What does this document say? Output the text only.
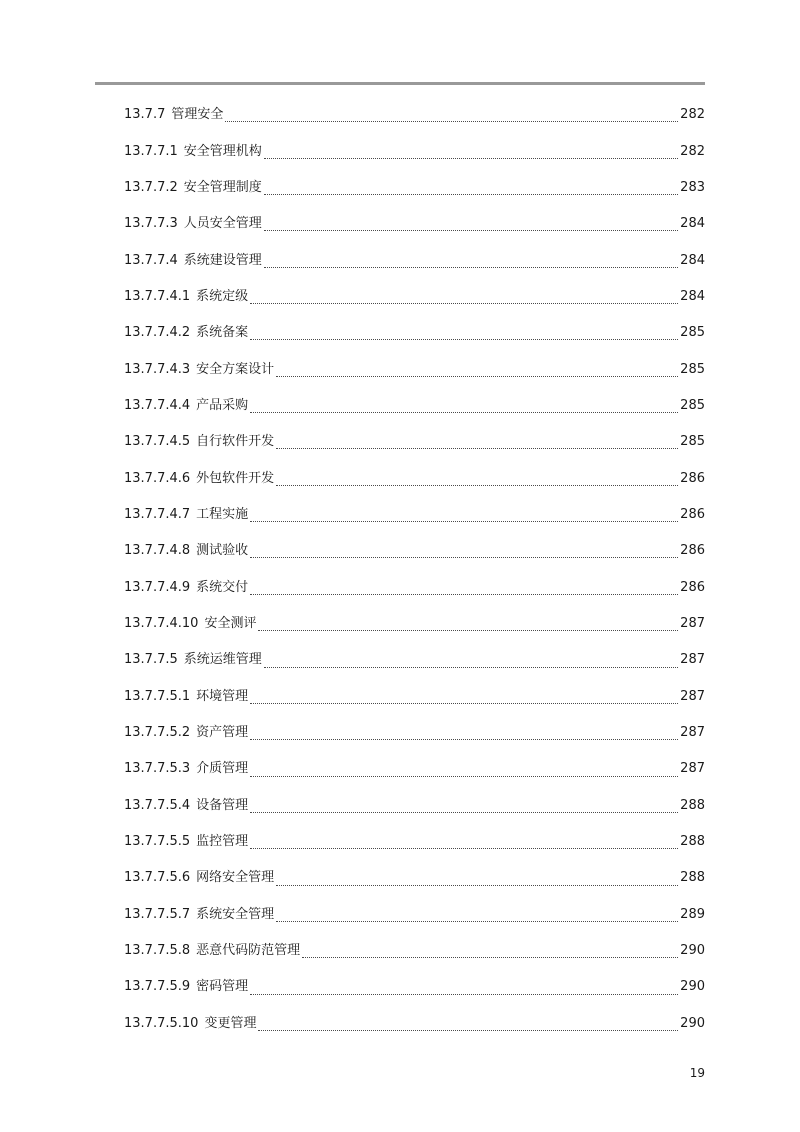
13.7.7 管理安全	282
13.7.7.1 安全管理机构	282
13.7.7.2 安全管理制度	283
13.7.7.3 人员安全管理	284
13.7.7.4 系统建设管理	284
13.7.7.4.1 系统定级	284
13.7.7.4.2 系统备案	285
13.7.7.4.3 安全方案设计	285
13.7.7.4.4 产品采购	285
13.7.7.4.5 自行软件开发	285
13.7.7.4.6 外包软件开发	286
13.7.7.4.7 工程实施	286
13.7.7.4.8 测试验收	286
13.7.7.4.9 系统交付	286
13.7.7.4.10 安全测评	287
13.7.7.5 系统运维管理	287
13.7.7.5.1 环境管理	287
13.7.7.5.2 资产管理	287
13.7.7.5.3 介质管理	287
13.7.7.5.4 设备管理	288
13.7.7.5.5 监控管理	288
13.7.7.5.6 网络安全管理	288
13.7.7.5.7 系统安全管理	289
13.7.7.5.8 恶意代码防范管理	290
13.7.7.5.9 密码管理	290
13.7.7.5.10 变更管理	290
19
